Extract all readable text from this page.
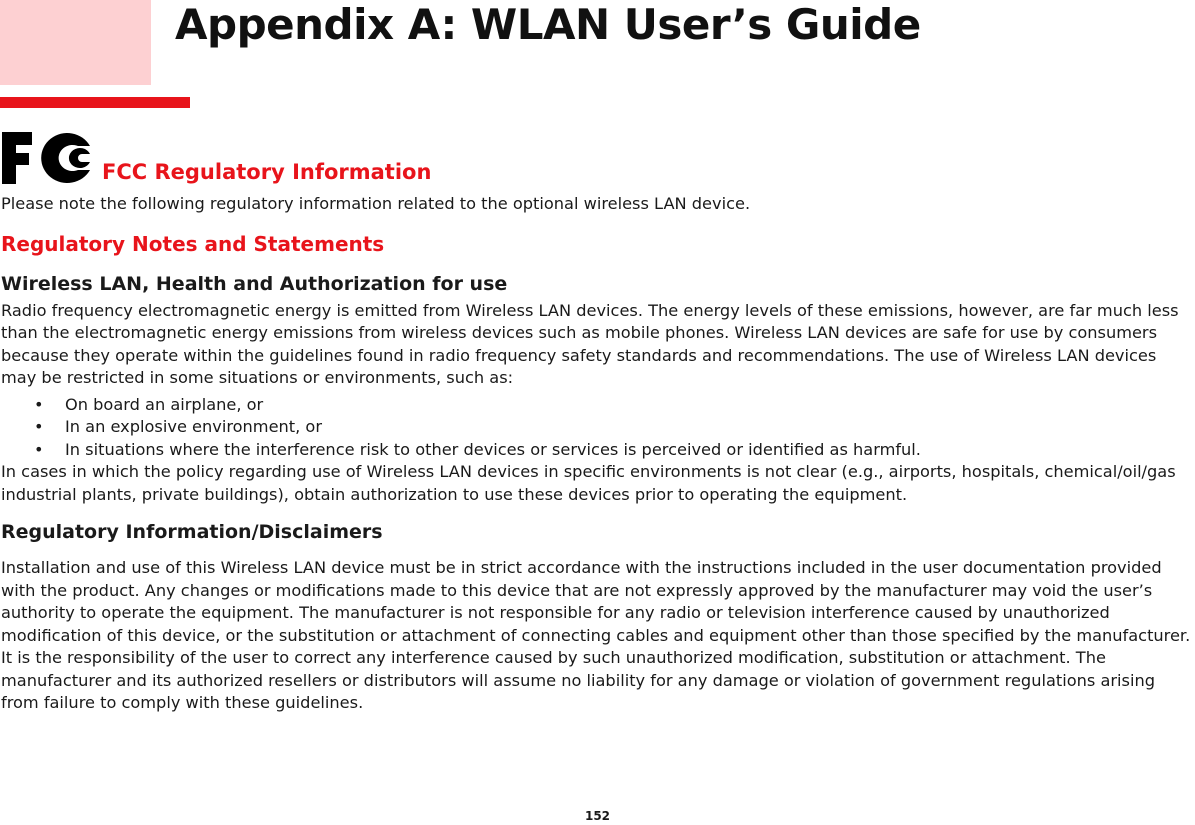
Appendix A: WLAN User’s Guide
FCC Regulatory Information

Please note the following regulatory information related to the optional wireless LAN device.

Regulatory Notes and Statements
Wireless LAN, Health and Authorization for use

Radio frequency electromagnetic energy is emitted from Wireless LAN devices. The energy levels of these emissions, however, are far much less than the electromagnetic energy emissions from wireless devices such as mobile phones. Wireless LAN devices are safe for use by consumers because they operate within the guidelines found in radio frequency safety standards and recommendations. The use of Wireless LAN devices may be restricted in some situations or environments, such as:

• On board an airplane, or
• In an explosive environment, or
• In situations where the interference risk to other devices or services is perceived or identified as harmful.

In cases in which the policy regarding use of Wireless LAN devices in specific environments is not clear (e.g., airports, hospitals, chemical/oil/gas industrial plants, private buildings), obtain authorization to use these devices prior to operating the equipment.

Regulatory Information/Disclaimers

Installation and use of this Wireless LAN device must be in strict accordance with the instructions included in the user documentation provided with the product. Any changes or modifications made to this device that are not expressly approved by the manufacturer may void the user’s authority to operate the equipment. The manufacturer is not responsible for any radio or television interference caused by unauthorized modification of this device, or the substitution or attachment of connecting cables and equipment other than those specified by the manufacturer. It is the responsibility of the user to correct any interference caused by such unauthorized modification, substitution or attachment. The manufacturer and its authorized resellers or distributors will assume no liability for any damage or violation of government regulations arising from failure to comply with these guidelines.

152
